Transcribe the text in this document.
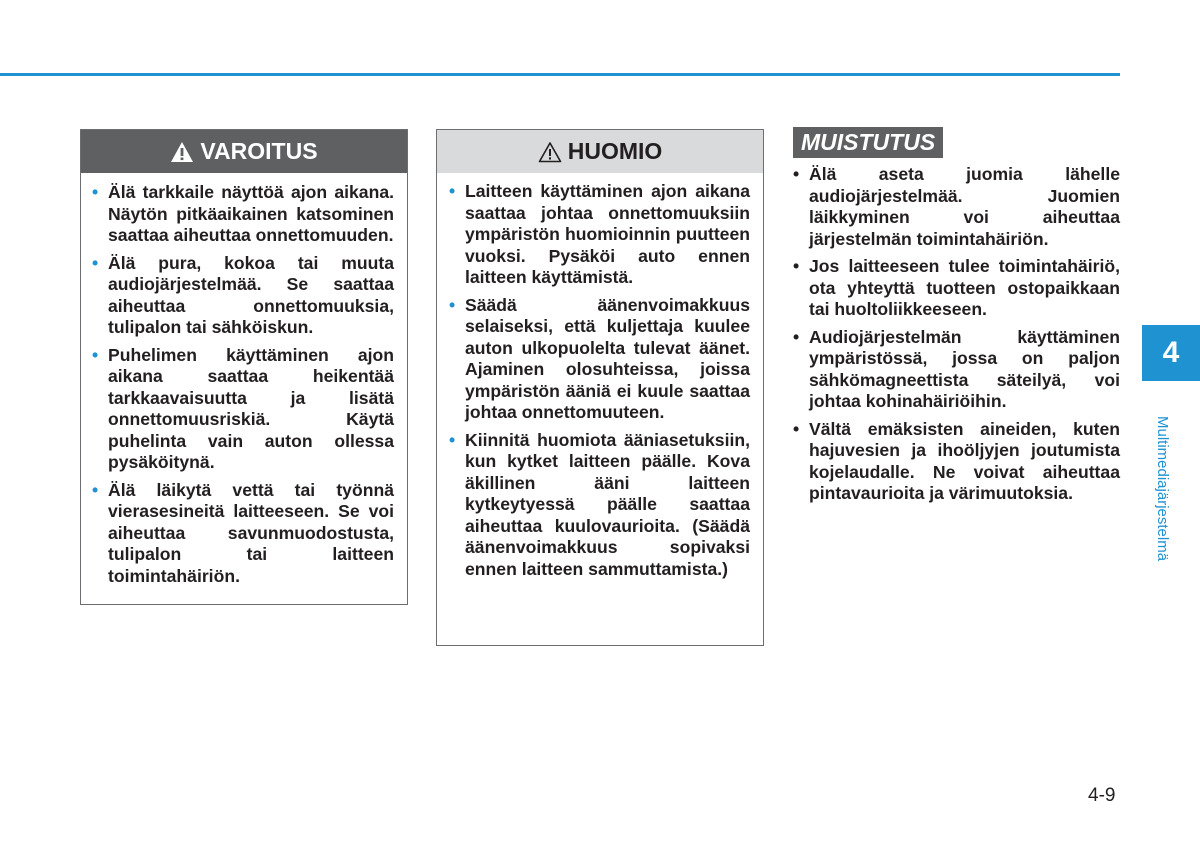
VAROITUS
• Älä tarkkaile näyttöä ajon aikana. Näytön pitkäaikainen katsominen saattaa aiheuttaa onnettomuuden.
• Älä pura, kokoa tai muuta audiojärjestelmää. Se saattaa aiheuttaa onnettomuuksia, tulipalon tai sähköiskun.
• Puhelimen käyttäminen ajon aikana saattaa heikentää tarkkaavaisuutta ja lisätä onnettomuusriskiä. Käytä puhelinta vain auton ollessa pysäköitynä.
• Älä läikytä vettä tai työnnä vierasesineitä laitteeseen. Se voi aiheuttaa savunmuodostusta, tulipalon tai laitteen toimintahäiriön.
HUOMIO
• Laitteen käyttäminen ajon aikana saattaa johtaa onnettomuuksiin ympäristön huomioinnin puutteen vuoksi. Pysäköi auto ennen laitteen käyttämistä.
• Säädä äänenvoimakkuus selaiseksi, että kuljettaja kuulee auton ulkopuolelta tulevat äänet. Ajaminen olosuhteissa, joissa ympäristön ääniä ei kuule saattaa johtaa onnettomuuteen.
• Kiinnitä huomiota ääniasetuksiin, kun kytket laitteen päälle. Kova äkillinen ääni laitteen kytkeytyessä päälle saattaa aiheuttaa kuulovaurioita. (Säädä äänenvoimakkuus sopivaksi ennen laitteen sammuttamista.)
MUISTUTUS
• Älä aseta juomia lähelle audiojärjestelmää. Juomien läikkyminen voi aiheuttaa järjestelmän toimintahäiriön.
• Jos laitteeseen tulee toimintahäiriö, ota yhteyttä tuotteen ostopaikkaan tai huoltoliikkeeseen.
• Audiojärjestelmän käyttäminen ympäristössä, jossa on paljon sähkömagneettista säteilyä, voi johtaa kohinahäiriöihin.
• Vältä emäksisten aineiden, kuten hajuvesien ja ihoöljyjen joutumista kojelaudalle. Ne voivat aiheuttaa pintavaurioita ja värimuutoksia.
4
Multimediajärjestelmä
4-9
